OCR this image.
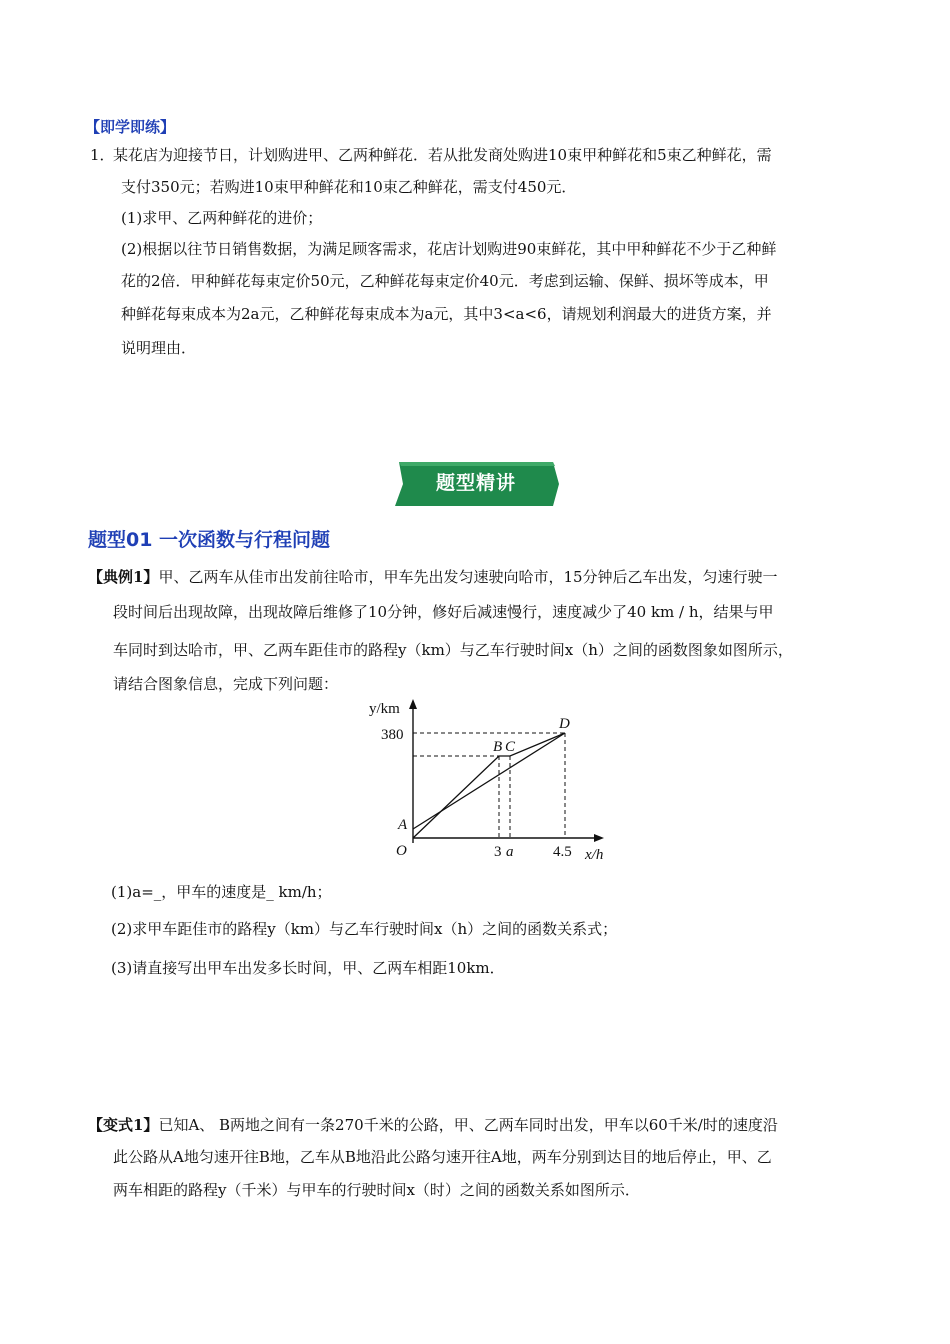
【即学即练】
1．
某花店为迎接节日，计划购进甲、乙两种鲜花．若从批发商处购进10束甲种鲜花和5束乙种鲜花，需
支付350元；若购进10束甲种鲜花和10束乙种鲜花，需支付450元．
(1)求甲、乙两种鲜花的进价；
(2)根据以往节日销售数据，为满足顾客需求，花店计划购进90束鲜花，其中甲种鲜花不少于乙种鲜
花的2倍．甲种鲜花每束定价50元，乙种鲜花每束定价40元．考虑到运输、保鲜、损坏等成本，甲
种鲜花每束成本为2a元，乙种鲜花每束成本为a元，其中3<a<6，请规划利润最大的进货方案，并
说明理由．
题型精讲
题型01 一次函数与行程问题
【典例1】甲、乙两车从佳市出发前往哈市，甲车先出发匀速驶向哈市，15分钟后乙车出发，匀速行驶一
段时间后出现故障，出现故障后维修了10分钟，修好后减速慢行，速度减少了40 km / h，结果与甲
车同时到达哈市，甲、乙两车距佳市的路程y（km）与乙车行驶时间x（h）之间的函数图象如图所示，
请结合图象信息，完成下列问题：
y/km
380
A
O	3 a	4.5 x/h
B C
D
(1)a=_，甲车的速度是_ km/h；
(2)求甲车距佳市的路程y（km）与乙车行驶时间x（h）之间的函数关系式；
(3)请直接写出甲车出发多长时间，甲、乙两车相距10km．
【变式1】已知A、 B两地之间有一条270千米的公路，甲、乙两车同时出发，甲车以60千米/时的速度沿
此公路从A地匀速开往B地，乙车从B地沿此公路匀速开往A地，两车分别到达目的地后停止，甲、乙
两车相距的路程y（千米）与甲车的行驶时间x（时）之间的函数关系如图所示．
